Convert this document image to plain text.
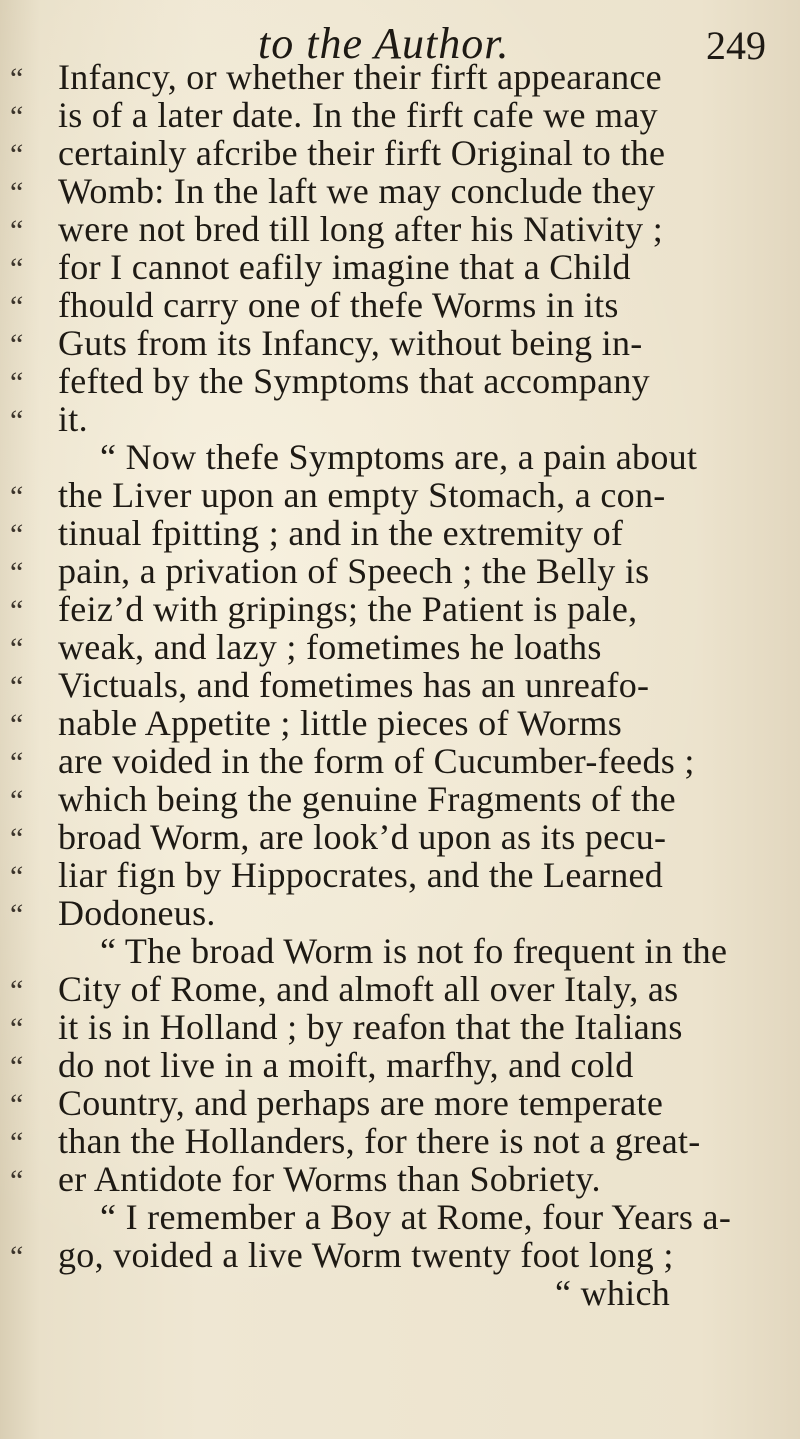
to the Author.	249
“ Infancy, or whether their firft appearance
“ is of a later date. In the firft cafe we may
“ certainly afcribe their firft Original to the
“ Womb: In the laft we may conclude they
“ were not bred till long after his Nativity ;
“ for I cannot eafily imagine that a Child
“ fhould carry one of thefe Worms in its
“ Guts from its Infancy, without being in-
“ fefted by the Symptoms that accompany
“ it.
“ Now thefe Symptoms are, a pain about
“ the Liver upon an empty Stomach, a con-
“ tinual fpitting ; and in the extremity of
“ pain, a privation of Speech ; the Belly is
“ feiz’d with gripings; the Patient is pale,
“ weak, and lazy ; fometimes he loaths
“ Victuals, and fometimes has an unreafo-
“ nable Appetite ; little pieces of Worms
“ are voided in the form of Cucumber-feeds ;
“ which being the genuine Fragments of the
“ broad Worm, are look’d upon as its pecu-
“ liar fign by Hippocrates, and the Learned
“ Dodoneus.
“ The broad Worm is not fo frequent in the
“ City of Rome, and almoft all over Italy, as
“ it is in Holland ; by reafon that the Italians
“ do not live in a moift, marfhy, and cold
“ Country, and perhaps are more temperate
“ than the Hollanders, for there is not a great-
“ er Antidote for Worms than Sobriety.
“ I remember a Boy at Rome, four Years a-
“ go, voided a live Worm twenty foot long ;
“ which
